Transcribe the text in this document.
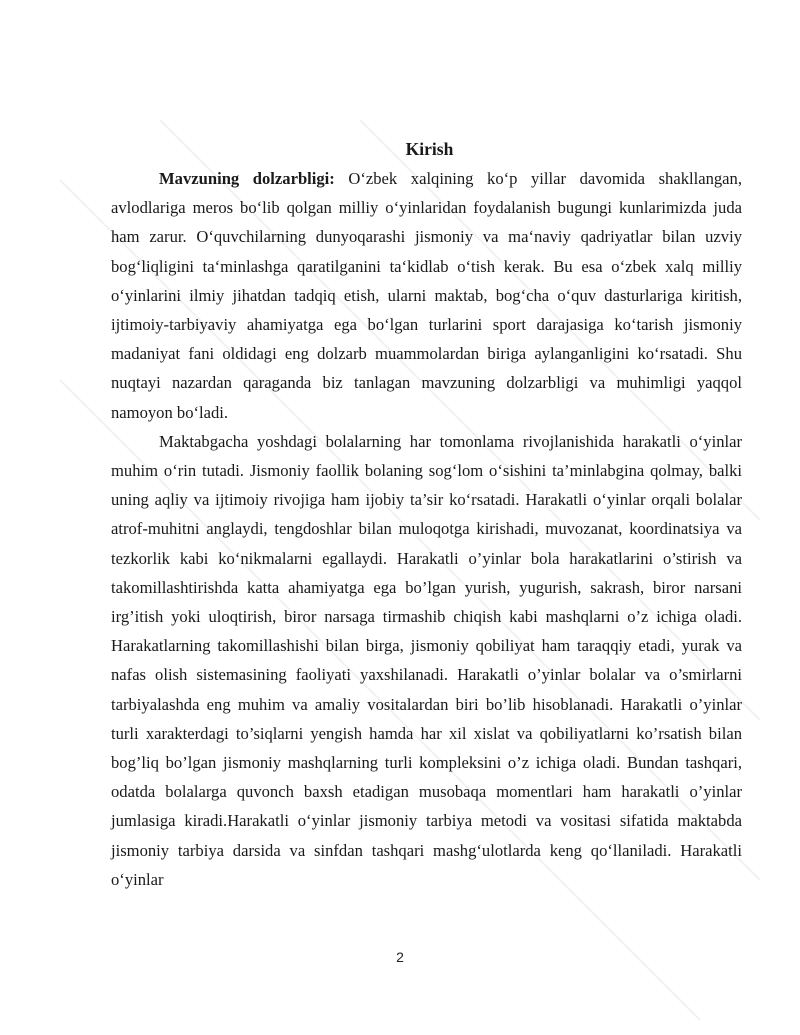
Kirish

Mavzuning dolzarbligi: O‘zbek xalqining ko‘p yillar davomida shakllangan, avlodlariga meros bo‘lib qolgan milliy o‘yinlaridan foydalanish bugungi kunlarimizda juda ham zarur. O‘quvchilarning dunyoqarashi jismoniy va ma‘naviy qadriyatlar bilan uzviy bog‘liqligini ta‘minlashga qaratilganini ta‘kidlab o‘tish kerak. Bu esa o‘zbek xalq milliy o‘yinlarini ilmiy jihatdan tadqiq etish, ularni maktab, bog‘cha o‘quv dasturlariga kiritish, ijtimoiy-tarbiyaviy ahamiyatga ega bo‘lgan turlarini sport darajasiga ko‘tarish jismoniy madaniyat fani oldidagi eng dolzarb muammolardan biriga aylanganligini ko‘rsatadi. Shu nuqtayi nazardan qaraganda biz tanlagan mavzuning dolzarbligi va muhimligi yaqqol namoyon bo‘ladi.

Maktabgacha yoshdagi bolalarning har tomonlama rivojlanishida harakatli o‘yinlar muhim o‘rin tutadi. Jismoniy faollik bolaning sog‘lom o‘sishini ta’minlabgina qolmay, balki uning aqliy va ijtimoiy rivojiga ham ijobiy ta’sir ko‘rsatadi. Harakatli o‘yinlar orqali bolalar atrof-muhitni anglaydi, tengdoshlar bilan muloqotga kirishadi, muvozanat, koordinatsiya va tezkorlik kabi ko‘nikmalarni egallaydi. Harakatli o’yinlar bola harakatlarini o’stirish va takomillashtirishda katta ahamiyatga ega bo’lgan yurish, yugurish, sakrash, biror narsani irg’itish yoki uloqtirish, biror narsaga tirmashib chiqish kabi mashqlarni o’z ichiga oladi. Harakatlarning takomillashishi bilan birga, jismoniy qobiliyat ham taraqqiy etadi, yurak va nafas olish sistemasining faoliyati yaxshilanadi. Harakatli o’yinlar bolalar va o’smirlarni tarbiyalashda eng muhim va amaliy vositalardan biri bo’lib hisoblanadi. Harakatli o’yinlar turli xarakterdagi to’siqlarni yengish hamda har xil xislat va qobiliyatlarni ko’rsatish bilan bog’liq bo’lgan jismoniy mashqlarning turli kompleksini o’z ichiga oladi. Bundan tashqari, odatda bolalarga quvonch baxsh etadigan musobaqa momentlari ham harakatli o’yinlar jumlasiga kiradi.Harakatli o‘yinlar jismoniy tarbiya metodi va vositasi sifatida maktabda jismoniy tarbiya darsida va sinfdan tashqari mashg‘ulotlarda keng qo‘llaniladi. Harakatli o‘yinlar

2
